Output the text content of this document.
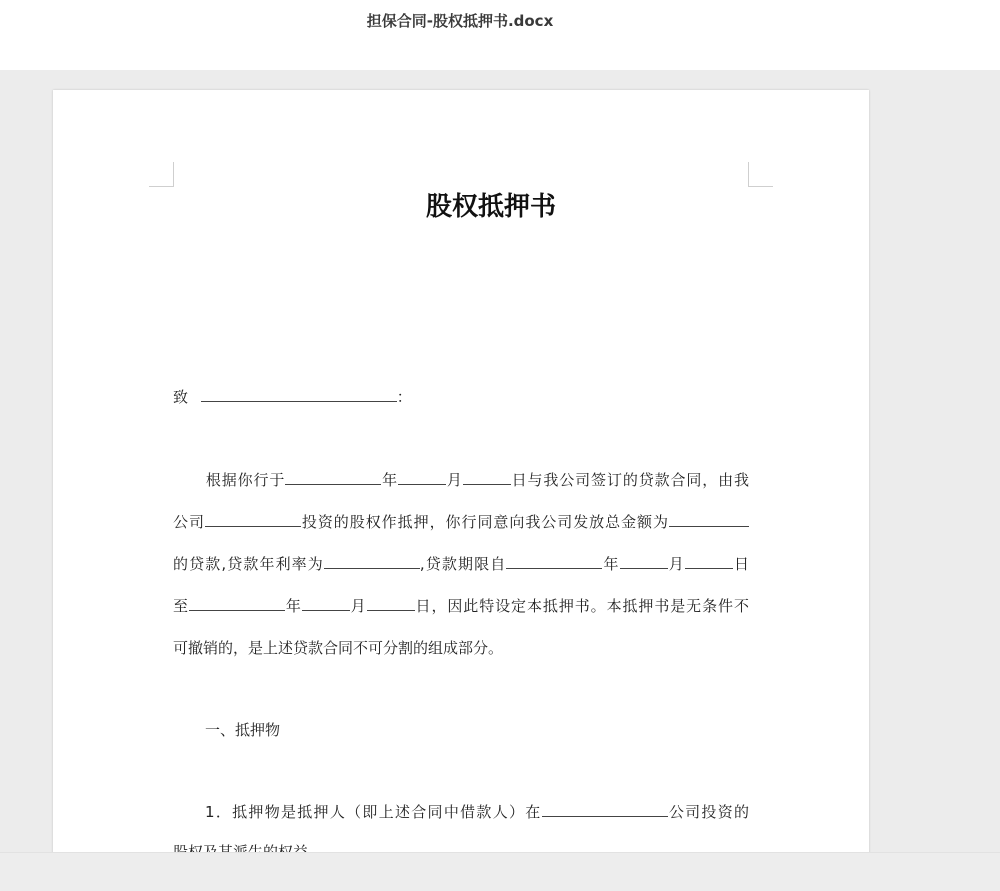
担保合同-股权抵押书.docx
股权抵押书
致	：
根据你行于	年	月	日与我公司签订的贷款合同，由我
公司	投资的股权作抵押，你行同意向我公司发放总金额为
的贷款,贷款年利率为	,贷款期限自	年	月	日
至	年	月	日，因此特设定本抵押书。本抵押书是无条件不
可撤销的，是上述贷款合同不可分割的组成部分。
一、抵押物
1．抵押物是抵押人（即上述合同中借款人）在	公司投资的
